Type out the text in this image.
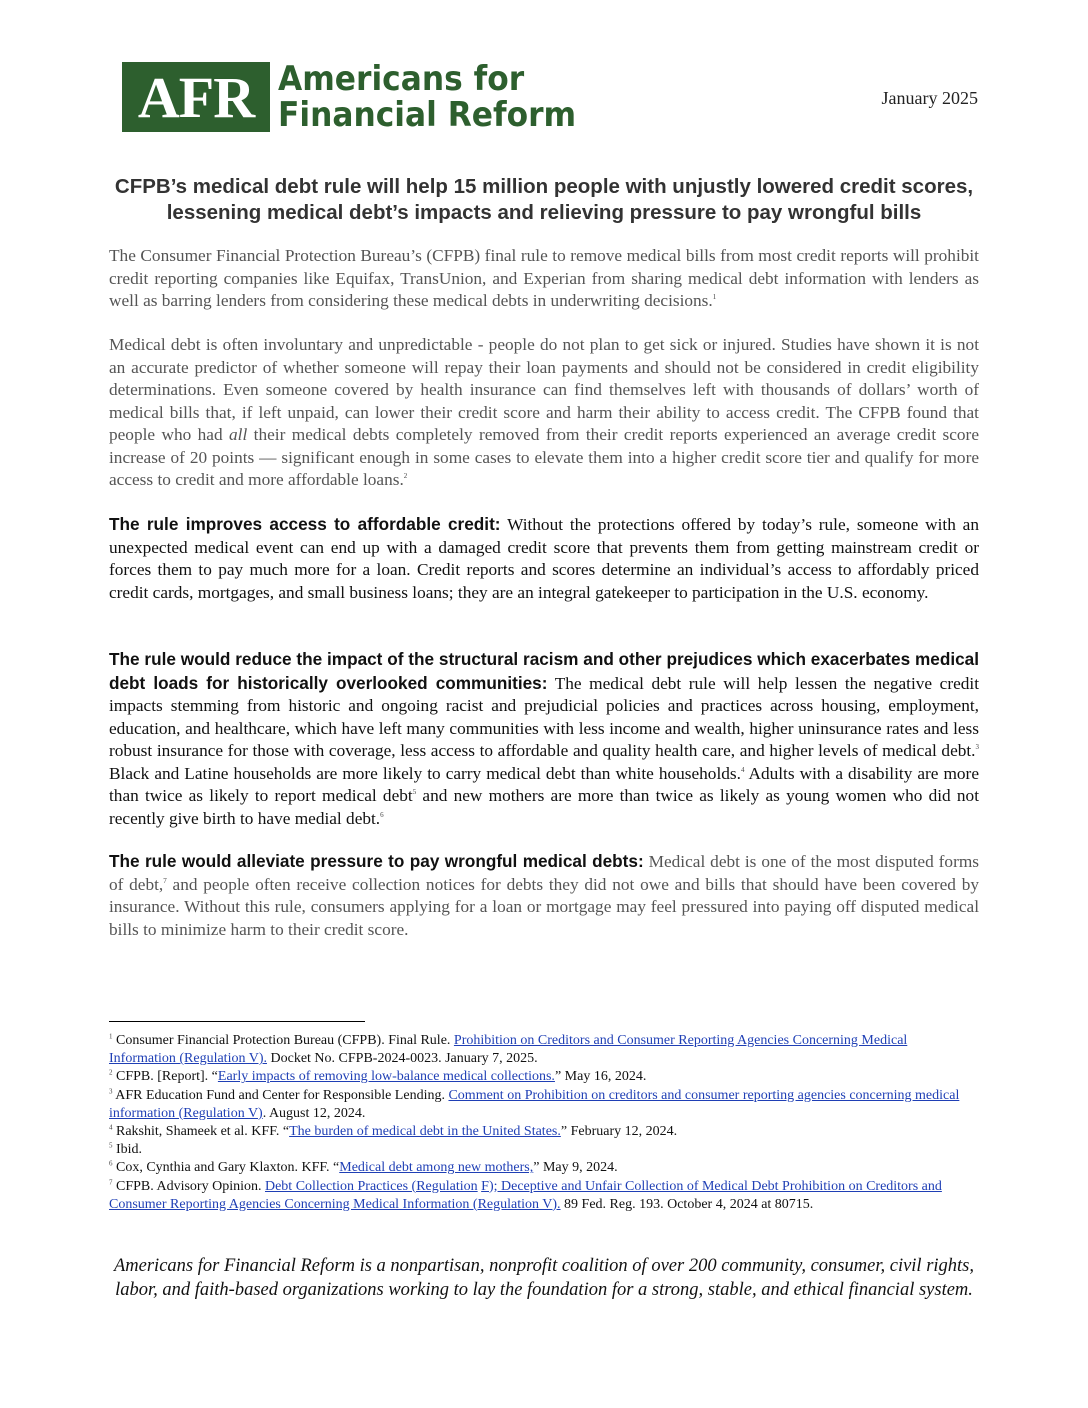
AFR Americans for
Financial Reform	January 2025
CFPB’s medical debt rule will help 15 million people with unjustly lowered credit scores,
lessening medical debt’s impacts and relieving pressure to pay wrongful bills

The Consumer Financial Protection Bureau’s (CFPB) final rule to remove medical bills from most credit reports will prohibit credit reporting companies like Equifax, TransUnion, and Experian from sharing medical debt information with lenders as well as barring lenders from considering these medical debts in underwriting decisions.$^1$

Medical debt is often involuntary and unpredictable - people do not plan to get sick or injured. Studies have shown it is not an accurate predictor of whether someone will repay their loan payments and should not be considered in credit eligibility determinations. Even someone covered by health insurance can find themselves left with thousands of dollars’ worth of medical bills that, if left unpaid, can lower their credit score and harm their ability to access credit. The CFPB found that people who had all their medical debts completely removed from their credit reports experienced an average credit score increase of 20 points — significant enough in some cases to elevate them into a higher credit score tier and qualify for more access to credit and more affordable loans.$^2$

The rule improves access to affordable credit: Without the protections offered by today’s rule, someone with an unexpected medical event can end up with a damaged credit score that prevents them from getting mainstream credit or forces them to pay much more for a loan. Credit reports and scores determine an individual’s access to affordably priced credit cards, mortgages, and small business loans; they are an integral gatekeeper to participation in the U.S. economy.

The rule would reduce the impact of the structural racism and other prejudices which exacerbates medical debt loads for historically overlooked communities: The medical debt rule will help lessen the negative credit impacts stemming from historic and ongoing racist and prejudicial policies and practices across housing, employment, education, and healthcare, which have left many communities with less income and wealth, higher uninsurance rates and less robust insurance for those with coverage, less access to affordable and quality health care, and higher levels of medical debt.$^3$ Black and Latine households are more likely to carry medical debt than white households.$^4$ Adults with a disability are more than twice as likely to report medical debt$^5$ and new mothers are more than twice as likely as young women who did not recently give birth to have medial debt.$^6$

The rule would alleviate pressure to pay wrongful medical debts: Medical debt is one of the most disputed forms of debt,$^7$ and people often receive collection notices for debts they did not owe and bills that should have been covered by insurance. Without this rule, consumers applying for a loan or mortgage may feel pressured into paying off disputed medical bills to minimize harm to their credit score.

$^1$ Consumer Financial Protection Bureau (CFPB). Final Rule. Prohibition on Creditors and Consumer Reporting Agencies Concerning Medical Information (Regulation V). Docket No. CFPB-2024-0023. January 7, 2025.

$^2$ CFPB. [Report]. “Early impacts of removing low-balance medical collections.” May 16, 2024.

$^3$ AFR Education Fund and Center for Responsible Lending. Comment on Prohibition on creditors and consumer reporting agencies concerning medical information (Regulation V). August 12, 2024.

$^4$ Rakshit, Shameek et al. KFF. “The burden of medical debt in the United States.” February 12, 2024.

$^5$ Ibid.

$^6$ Cox, Cynthia and Gary Klaxton. KFF. “Medical debt among new mothers,” May 9, 2024.

$^7$ CFPB. Advisory Opinion. Debt Collection Practices (Regulation F); Deceptive and Unfair Collection of Medical Debt Prohibition on Creditors and Consumer Reporting Agencies Concerning Medical Information (Regulation V). 89 Fed. Reg. 193. October 4, 2024 at 80715.

Americans for Financial Reform is a nonpartisan, nonprofit coalition of over 200 community, consumer, civil rights,
labor, and faith-based organizations working to lay the foundation for a strong, stable, and ethical financial system.
